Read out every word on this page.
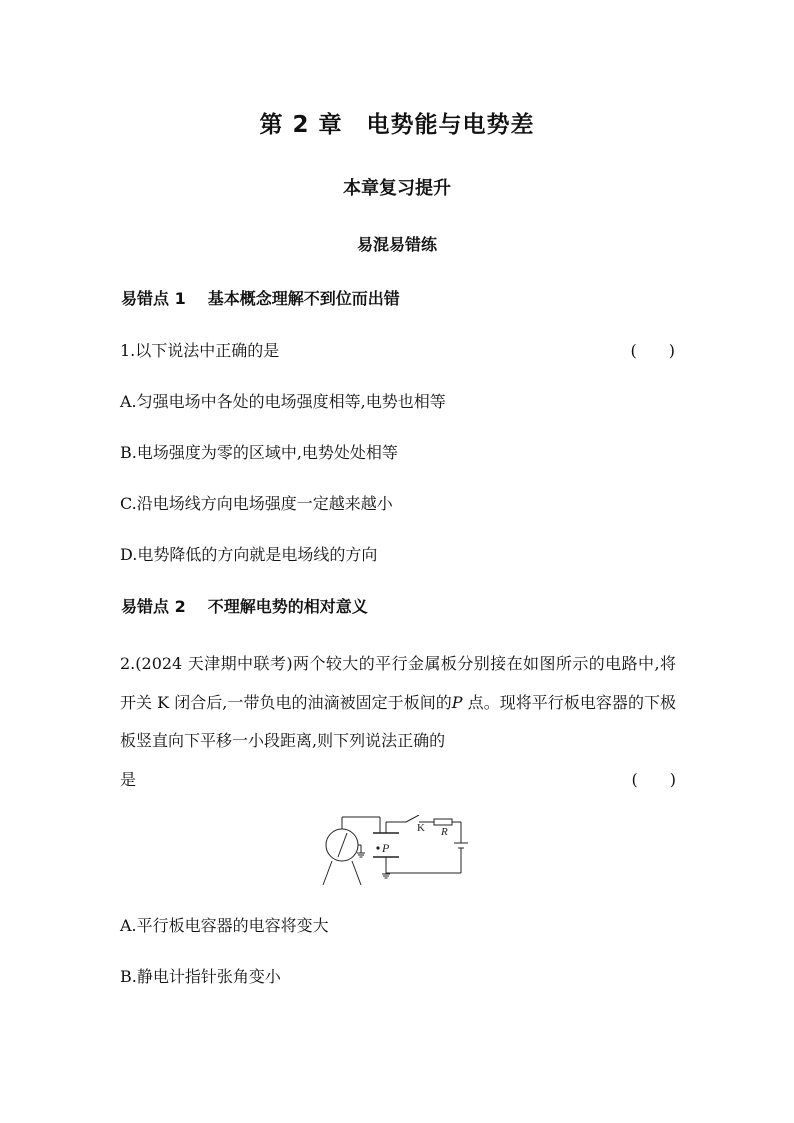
第 2 章　电势能与电势差
本章复习提升
易混易错练
易错点 1 基本概念理解不到位而出错
1.以下说法中正确的是	(　　)
A.匀强电场中各处的电场强度相等,电势也相等
B.电场强度为零的区域中,电势处处相等
C.沿电场线方向电场强度一定越来越小
D.电势降低的方向就是电场线的方向
易错点 2 不理解电势的相对意义
2.(2024 天津期中联考)两个较大的平行金属板分别接在如图所示的电路中,将开关 K 闭合后,一带负电的油滴被固定于板间的P 点。现将平行板电容器的下极板竖直向下平移一小段距离,则下列说法正确的
是	(　　)
P
K R
A.平行板电容器的电容将变大
B.静电计指针张角变小
